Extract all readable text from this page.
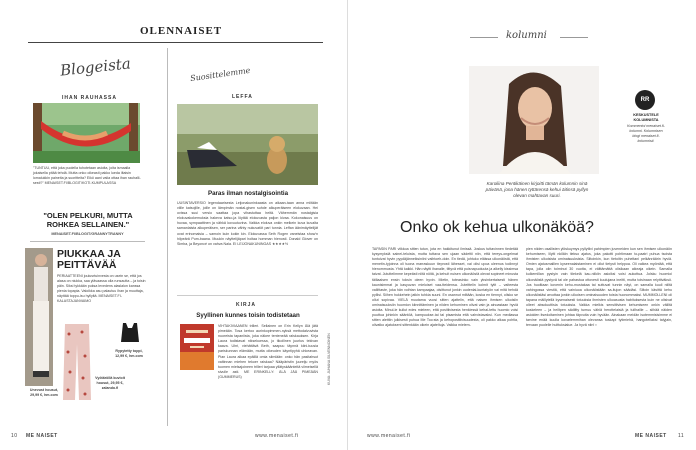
OLENNAISET
Blogeista
IHAN RAUHASSA
"TUNTUU, että joka puolella tuhotetaan asioita, joita ismaalla jokaisella pitää tehdä. Mutta onko oikeasti pakko lueda iltaisin lomalukkin paineita ja suoritteita? Eikö aani vaiia ottaa ihan rauhalli-sesti?" MENAISET.FI/BLOGIT/KOTI-KUMPULASSA
"OLEN PELKURI, MUTTA ROHKEA SELLAINEN."
MENAISET.FI/BLOGIT/GRANNYTRANNY
PIUKKAA JA
PEITTÄVÄÄ
PERIAATTEENI joulusrtuinvesta on usein se, että jos alasa on niukka, saa ylävaassa olla runsautta – ja toisin päin. Siksi tykkään puksa levedens alaslalon kanssa pienia topapia. Valoikka asu palautuu ihan ja muuttaja, näyttää toppu-isu hyllyltä. MENAISET.FI-KALASTAJANVAIMO
Rypytetty toppi, 12,99 €, hm.com
Vyötäröllä kuvioit housut, 29,95 €, zalando.fi
Unevust housut, 29,99 €, hm.com
Suosittelemme
LEFFA
Paras ilman nostalgisointia
UUSINTAVERSIO legendaarisesta Leijonakuninkaasta on aikaan-taan anna miitään viille katsojille, joille on lämpimän nostal-gisen suhde alkuperäiseen elokuvaan. Hei ovissa suui versio saattaa jopa vihastuttaa heitä. Vähemmän nostalgisia elokuvakokemuksia hakeva katso-ja löytää elokuvasta paljon kivaa. Kokonaisuus on huvaa, sympaattinen ja vähkä kovuutuvina. Vaikka eloluva onkin melkein kuva kuvalta samanlaista alkuperäisen, ser parina vähty nukuvatöt pari tunnia. Leffan äänimäyttelijät ovat erinomaisia – samoin kuin kokin kin. Elokuvassa Seth Rogen vaneistaa show'n hilpeärä Pum-baana. Muukin näyttelijäpari hoitaa homman hienosti. Donald Glover on Simba, ja Beyoncé on vahva Nala. EI LEIJONAKUNINGAS ★★★★½
KIRJA
Syyllinen kunnes toisin todistetaan
VIHTAKIVIAANEN trilleri. Sellainen on Erin Kellyn Älä jätä pimeään. Tosa kertoo aurinkopimmen-nyksä mettodalvuvista nuoreista tapaniista, joka näkee tenteneää raiskauksen. Kirja Laura todistavat niksekuessa, jo tikoilinen juurlus tekivan kaava. Uhri, viehättävä Beth, saapuu täynnä kiini-tuusia pariskunnan elämään, mutta oikeuden käyntipyhä uhkeavan. Pian Laura alkaa epäillä omia silmiään: onko hän pasitahsut valtinnan miehen tekoer raiskaa? Nääpäristin juurelju myös tuomen mielsajoineen trilleri tarjoaa yllätyskäänteitä viimeisellä sivulle asti. ME ERINKELLY: ÄLÄ JÄÄ PIMEÄÄN (GUMMERUS)	KUVA: JUHANA SILVENNOINEN
10 ME NAISET	www.menaiset.fi
kolumni
RR
KESKUSTELE KOLUMNISTA
Kommentoi menaiset.fi-kolumni. Kolumnisen blogi menaiset.fi-kolumnisti.
Karoliina Pentikäinen kirjoitti tämän kolumnin sinä päivänä, jona hänen tyttärensä kehui äitinsä pyllyn olevan mahtavan suuri.
Onko ok kehua ulkonäköä?
TAPASIN PARI viikkoa sitten tutun, jota en hakkitunut ilmissä. Joskus tuttavinnen tiedetää kysymyksiä sainei-teluista, mutta tuttava sen ujaan sädettii niin, että tereys-ongelmat tuntuivat hyvin pyydäjänneiksiniini vaihtoeh-doin. En tiedä, johtuko eläissa ulkonäöstä, että menetin-tyjoinna oli tuona marraskuun tieprosti lähesset, vai olisi upoa uleenus todinnyt hienommusta. Yhtä kaikki. Hän näytti ihanalle, tittyvä että puisnapuoluuta ja alkelly kissimsa taivat. Jututtelimme kepeästi niitä nöitä, ja kehuit nuisen ulkonäöstä olevat sopineet minusta täiliaaisen ensin toksin oleen hyvin. Mietin, toteasinko vain yksinkertaisesti hänen kaunisimmat ja kasyuvan mieloiset vaa-tteidensa. Juteittelin kolmit tytit – vaiteesta valiittaste, joka hän voihtan kampaajaa, olsittunut jonkin uudenlai-kuntatyön vai mitä hehdä pyllisi. Siihen hukkehein jatkin tuhkia suuni. En osannut miltään, koska en tiennyt, olisko se ollut sopivaa. VIELÄ muutama vuosi sitten ajattelin, että naisen ihmisen ulkoisiin ominaisuuksiin huomion kiinnittäminen ja niiden kehuminen olivat vain ja ainoastaan hyviä asioita. Minul-le kullut edes mieleen, että positiivisesta henkiessä kehai-tettu huomio voisi puuttua johinkin sääntöä, kampuukse-tai tai pisamista että vahvistavaksi. Kun mediassa sitten alettiin julkisesti puhua Me Too:sta ja kehopositiivisuudesta, oli pakko alkaa pohtia, olivatko ajatukseni sittenkään oikein ajateltuja. Vaikka mielem-
pien niiden osallisten ylöskuymys pyllytiivi pahimpien juveneiden kun sen ihmisen ulkonäön kehumiseen, lilyiti nkiläin tiekso ajatus, joka pakotti pohtimaan to-paatri puhua tsoista ihmisten ulkoisista ominaisuuksista. Siitoinkin, kun tietoitin puheltani pelkänräärin hyviä. Omien ajatusmallien kyseenalaistaminen ei ollut tietysti helppoa. Oli vaikea myöntää, että tapa, jolla olin toiminut 30 vuotta, ei välttämättä olisikaan aikeaja oikein. Samalla kulkemillan pystyin vain tiiekelä kau-niikiin asioiksi voisi aukottua. Jolsku huomioi ulkonäöstä pystyvä tai ole pahastua ottovesti kuulujana ineitti, mutta toisinaan relyttiväksö. Jos huoltiaan kovenin kehu-mustakaa tai suttuvat tunnin näyt, on samalla kuuli niiltä vahingossa viestiä, että vainiuoa ulkonäöstään sa-itujon säädäsi. Siltoin käsittä kehu ulkonäöstäsi arvottaa jonkin ulkoisen ominaisuuden toista huonommaksi. MUMMOLLENI oli tapana mäillytellä kysenaisesti totuuksia ihmisten ulkoasusta habituksesta kuin ne olisivat olleet absoluuttisia totuuksia. Vaikka mielkis sensitiivisen kehumiseen onkin väliltä koskeleen – ja heiltpen sädiitty tumuu vähiä herottelaisiä ja tuilhaille – siihää näiden asioiden itsedoitaminen johtaa täpvuita vuin hyvään. Ainakaan meidän isotemmisisimme ei tarvine enää kuulla kovarlemmihan olevansa tuskapi tytimiehä, hangotellaksi talyjain, tervaan puolelle huittuksialue. Ja hyvä niin! ▪
www.menaiset.fi	ME NAISET 11
